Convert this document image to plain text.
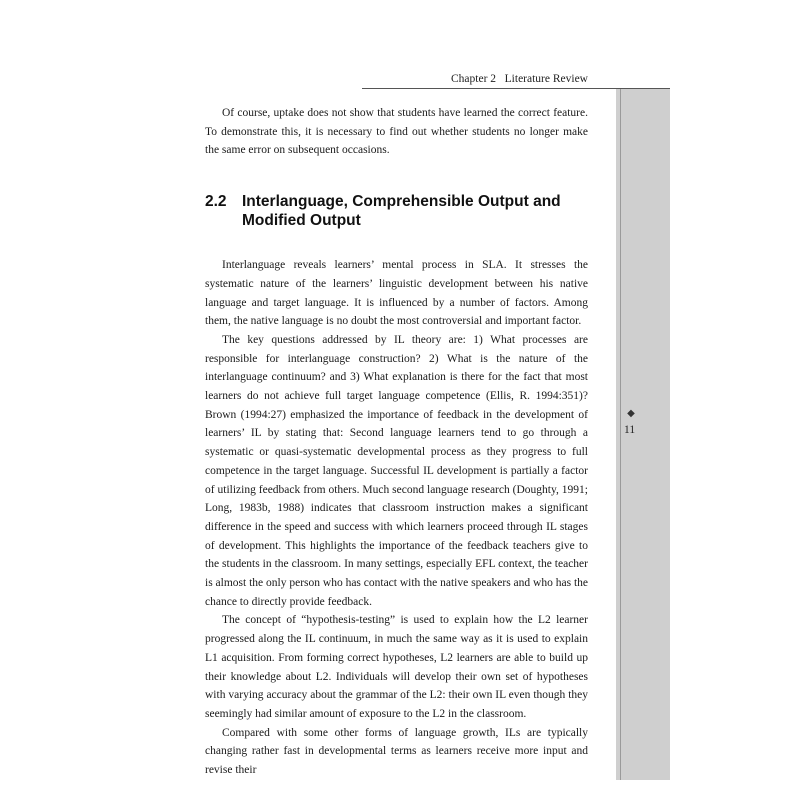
Chapter 2   Literature Review
◆
11

Of course, uptake does not show that students have learned the correct feature. To demonstrate this, it is necessary to find out whether students no longer make the same error on subsequent occasions.

2.2 Interlanguage, Comprehensible Output and Modified Output

Interlanguage reveals learners’ mental process in SLA. It stresses the systematic nature of the learners’ linguistic development between his native language and target language. It is influenced by a number of factors. Among them, the native language is no doubt the most controversial and important factor.

The key questions addressed by IL theory are: 1) What processes are responsible for interlanguage construction? 2) What is the nature of the interlanguage continuum? and 3) What explanation is there for the fact that most learners do not achieve full target language competence (Ellis, R. 1994:351)? Brown (1994:27) emphasized the importance of feedback in the development of learners’ IL by stating that: Second language learners tend to go through a systematic or quasi-systematic developmental process as they progress to full competence in the target language. Successful IL development is partially a factor of utilizing feedback from others. Much second language research (Doughty, 1991; Long, 1983b, 1988) indicates that classroom instruction makes a significant difference in the speed and success with which learners proceed through IL stages of development. This highlights the importance of the feedback teachers give to the students in the classroom. In many settings, especially EFL context, the teacher is almost the only person who has contact with the native speakers and who has the chance to directly provide feedback.

The concept of “hypothesis-testing” is used to explain how the L2 learner progressed along the IL continuum, in much the same way as it is used to explain L1 acquisition. From forming correct hypotheses, L2 learners are able to build up their knowledge about L2. Individuals will develop their own set of hypotheses with varying accuracy about the grammar of the L2: their own IL even though they seemingly had similar amount of exposure to the L2 in the classroom.

Compared with some other forms of language growth, ILs are typically changing rather fast in developmental terms as learners receive more input and revise their
